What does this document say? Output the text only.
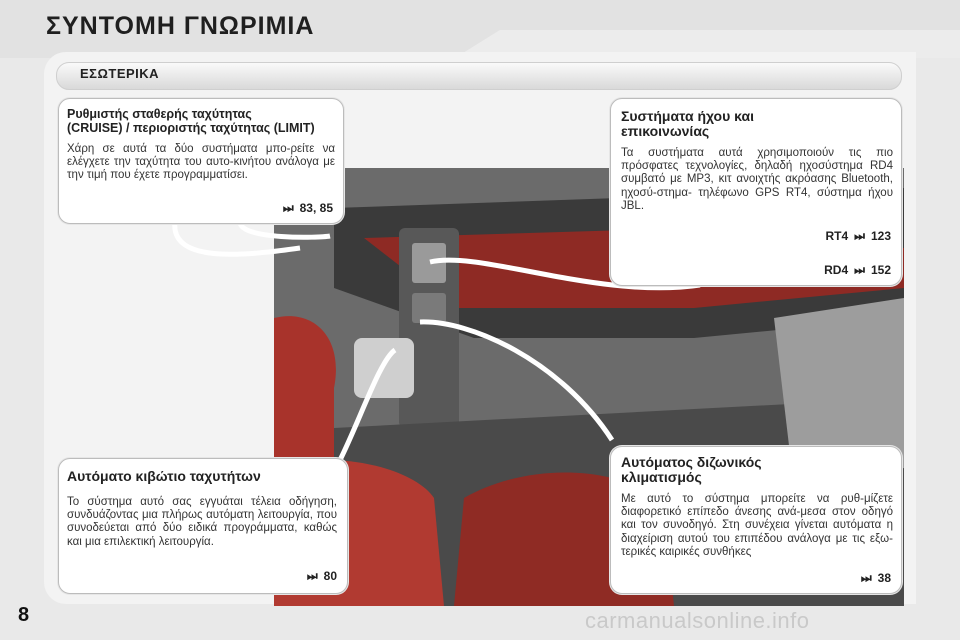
ΣΥΝΤΟΜΗ ΓΝΩΡΙΜΙΑ
ΕΣΩΤΕΡΙΚΑ
Ρυθμιστής σταθερής ταχύτητας
(CRUISE) / περιοριστής ταχύτητας (LIMIT)

Χάρη σε αυτά τα δύο συστήματα μπο-ρείτε να ελέγχετε την ταχύτητα του αυτο-κινήτου ανάλογα με την τιμή που έχετε προγραμματίσει.

⏭ 83, 85
Συστήματα ήχου και
επικοινωνίας

Τα συστήματα αυτά χρησιμοποιούν τις πιο πρόσφατες τεχνολογίες, δηλαδή ηχοσύστημα RD4 συμβατό με MP3, κιτ ανοιχτής ακρόασης Bluetooth, ηχοσύ-στημα- τηλέφωνο GPS RT4, σύστημα ήχου JBL.

RT4 ⏭ 123
RD4 ⏭ 152
Αυτόματο κιβώτιο ταχυτήτων

Το σύστημα αυτό σας εγγυάται τέλεια οδήγηση, συνδυάζοντας μια πλήρως αυτόματη λειτουργία, που συνοδεύεται από δύο ειδικά προγράμματα, καθώς και μια επιλεκτική λειτουργία.

⏭ 80
Αυτόματος διζωνικός
κλιματισμός

Με αυτό το σύστημα μπορείτε να ρυθ-μίζετε διαφορετικό επίπεδο άνεσης ανά-μεσα στον οδηγό και τον συνοδηγό. Στη συνέχεια γίνεται αυτόματα η διαχείριση αυτού του επιπέδου ανάλογα με τις εξω-τερικές καιρικές συνθήκες

⏭ 38
8	carmanualsonline.info
